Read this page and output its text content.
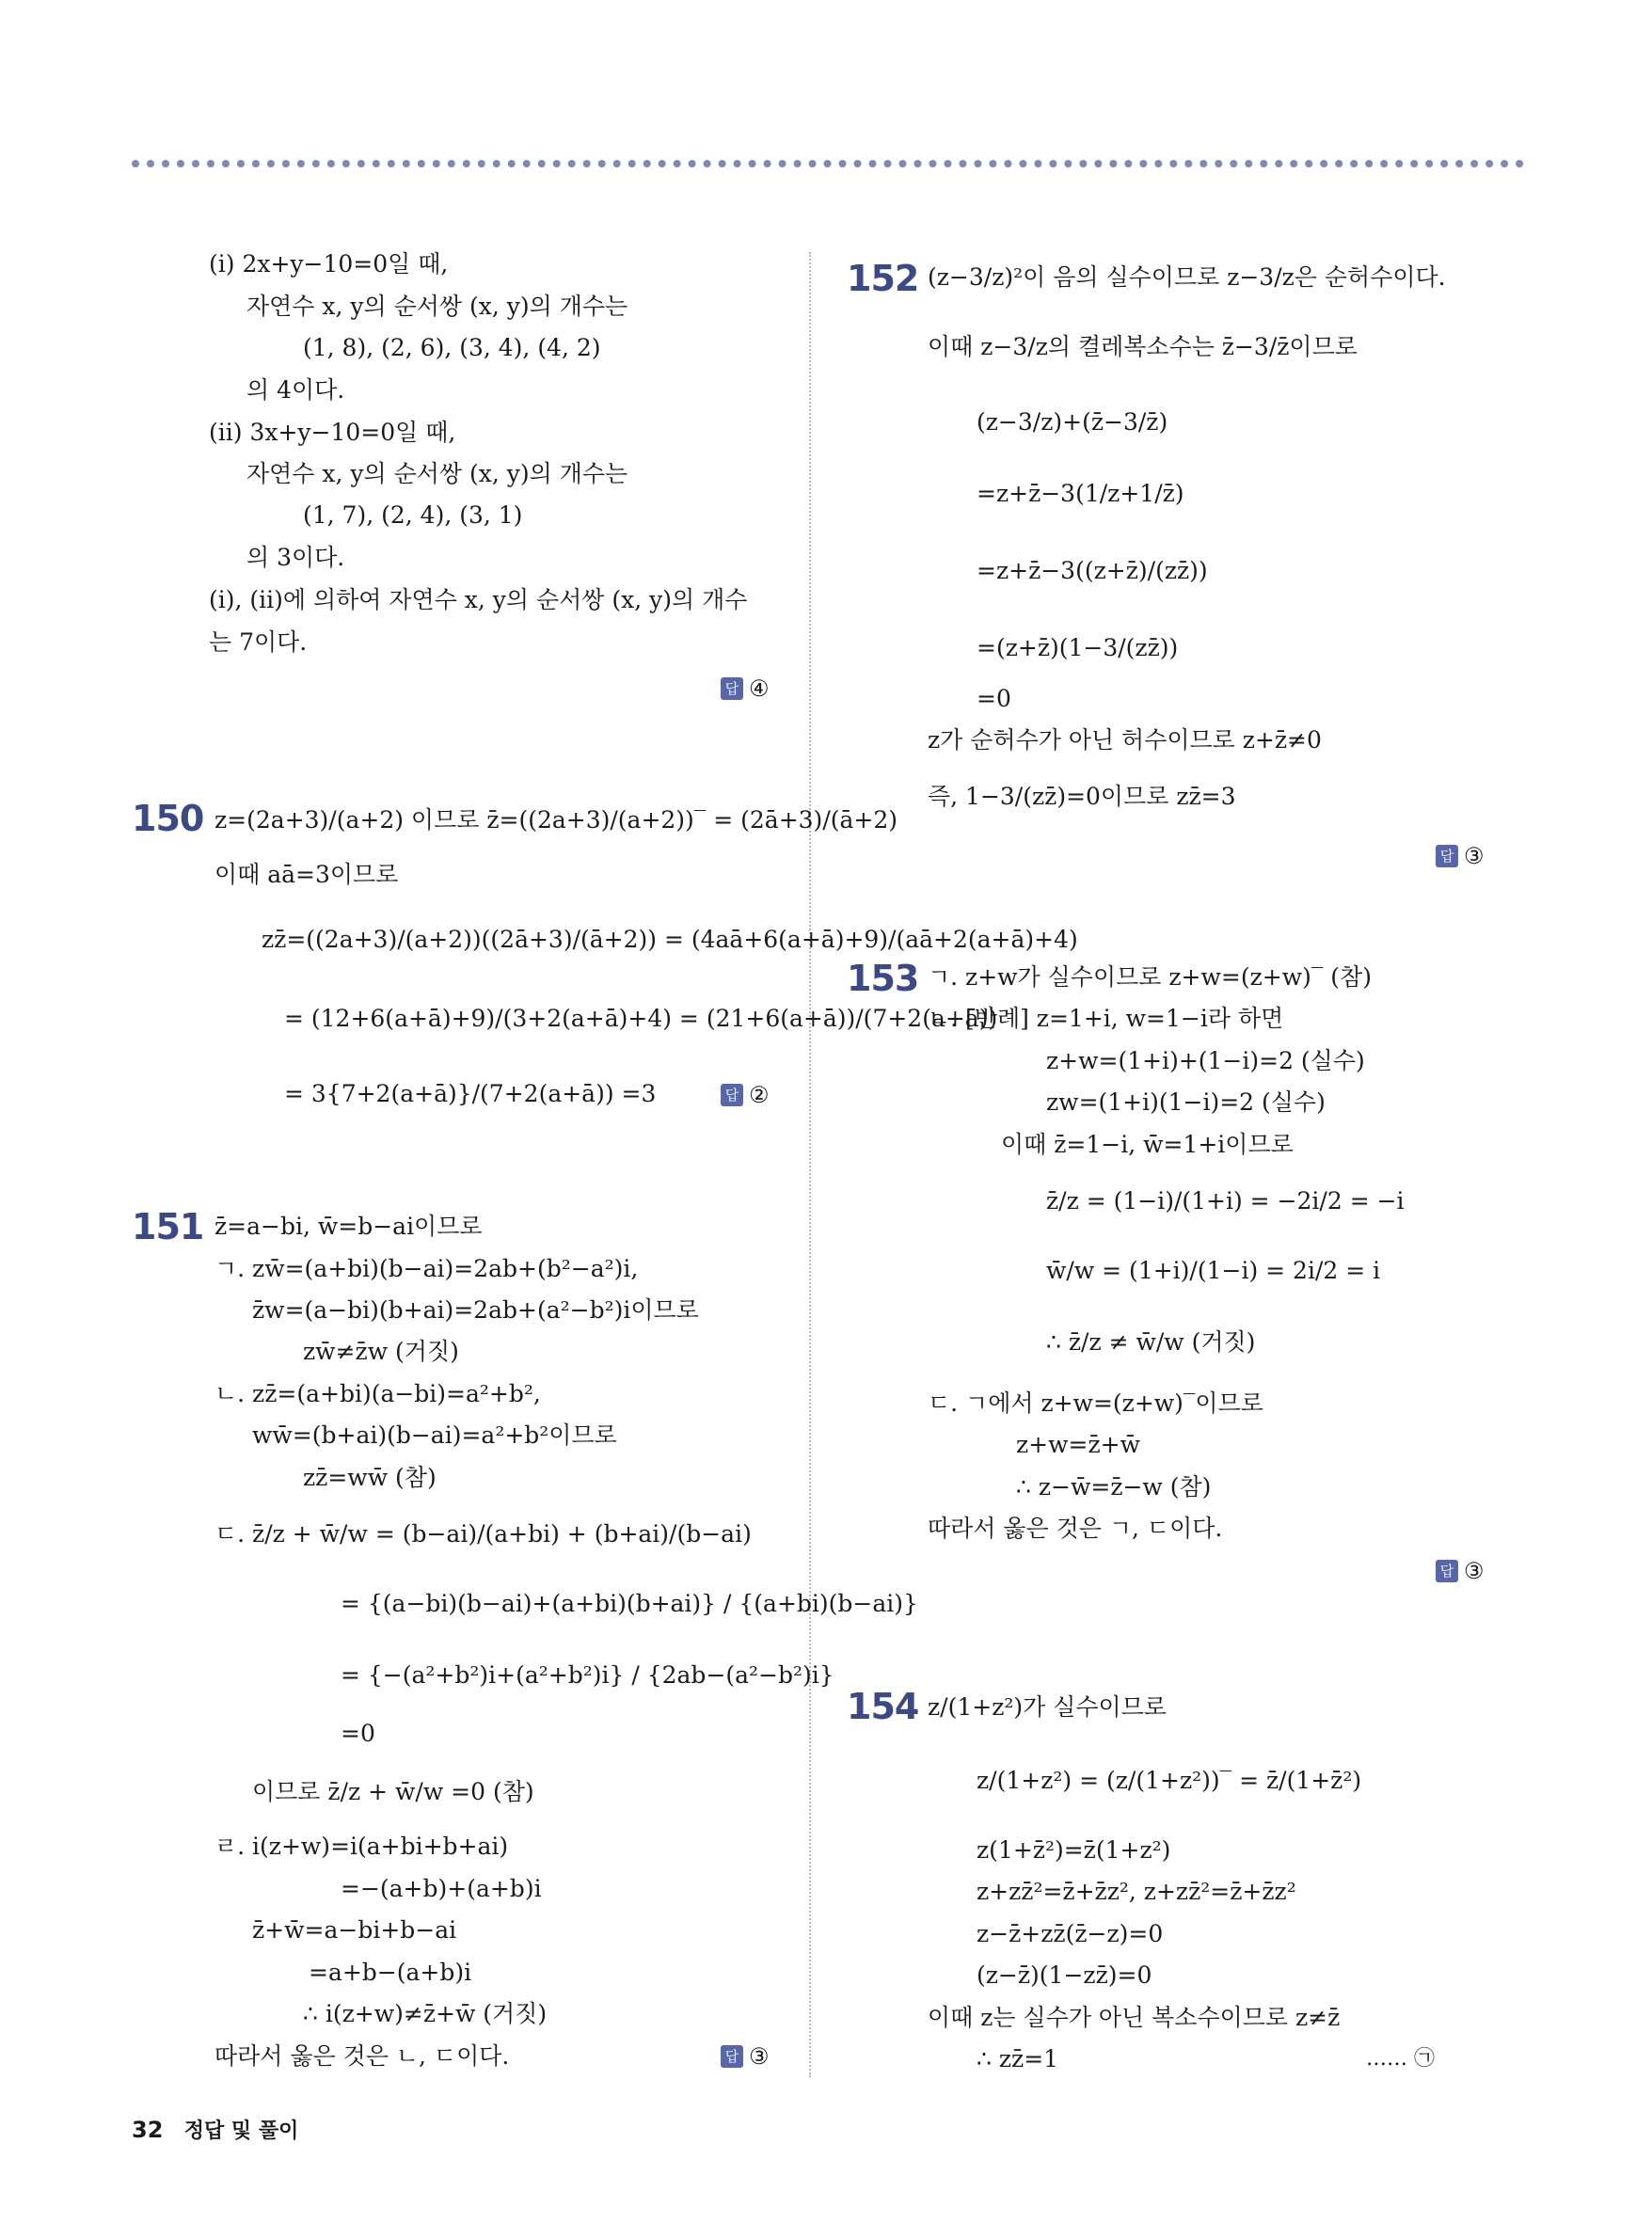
(ⅰ) 2x+y−10=0일 때,
자연수 x, y의 순서쌍 (x, y)의 개수는
(1, 8), (2, 6), (3, 4), (4, 2)
의 4이다.
(ⅱ) 3x+y−10=0일 때,
자연수 x, y의 순서쌍 (x, y)의 개수는
(1, 7), (2, 4), (3, 1)
의 3이다.
(ⅰ), (ⅱ)에 의하여 자연수 x, y의 순서쌍 (x, y)의 개수
는 7이다.
답 ④
150 z=(2a+3)/(a+2) 이므로 z̄=((2a+3)/(a+2))‾ = (2ā+3)/(ā+2)
이때 aā=3이므로
zz̄=((2a+3)/(a+2))((2ā+3)/(ā+2)) = (4aā+6(a+ā)+9)/(aā+2(a+ā)+4)
= (12+6(a+ā)+9)/(3+2(a+ā)+4) = (21+6(a+ā))/(7+2(a+ā))
= 3{7+2(a+ā)}/(7+2(a+ā)) =3	답 ②
151 z̄=a−bi, w̄=b−ai이므로
ㄱ. zw̄=(a+bi)(b−ai)=2ab+(b²−a²)i,
z̄w=(a−bi)(b+ai)=2ab+(a²−b²)i이므로
zw̄≠z̄w (거짓)
ㄴ. zz̄=(a+bi)(a−bi)=a²+b²,
ww̄=(b+ai)(b−ai)=a²+b²이므로
zz̄=ww̄ (참)
ㄷ. z̄/z + w̄/w = (b−ai)/(a+bi) + (b+ai)/(b−ai)
= {(a−bi)(b−ai)+(a+bi)(b+ai)} / {(a+bi)(b−ai)}
= {−(a²+b²)i+(a²+b²)i} / {2ab−(a²−b²)i}
=0
이므로 z̄/z + w̄/w =0 (참)
ㄹ. i(z+w)=i(a+bi+b+ai)
=−(a+b)+(a+b)i
z̄+w̄=a−bi+b−ai
=a+b−(a+b)i
∴ i(z+w)≠z̄+w̄ (거짓)
따라서 옳은 것은 ㄴ, ㄷ이다.	답 ③
152 (z−3/z)²이 음의 실수이므로 z−3/z은 순허수이다.
이때 z−3/z의 켤레복소수는 z̄−3/z̄이므로
(z−3/z)+(z̄−3/z̄)
=z+z̄−3(1/z+1/z̄)
=z+z̄−3((z+z̄)/(zz̄))
=(z+z̄)(1−3/(zz̄))
=0
z가 순허수가 아닌 허수이므로 z+z̄≠0
즉, 1−3/(zz̄)=0이므로 zz̄=3
답 ③
153 ㄱ. z+w가 실수이므로 z+w=(z+w)‾ (참)
ㄴ. [반례] z=1+i, w=1−i라 하면
z+w=(1+i)+(1−i)=2 (실수)
zw=(1+i)(1−i)=2 (실수)
이때 z̄=1−i, w̄=1+i이므로
z̄/z = (1−i)/(1+i) = −2i/2 = −i
w̄/w = (1+i)/(1−i) = 2i/2 = i
∴ z̄/z ≠ w̄/w (거짓)
ㄷ. ㄱ에서 z+w=(z+w)‾이므로
z+w=z̄+w̄
∴ z−w̄=z̄−w (참)
따라서 옳은 것은 ㄱ, ㄷ이다.
답 ③
154 z/(1+z²)가 실수이므로
z/(1+z²) = (z/(1+z²))‾ = z̄/(1+z̄²)
z(1+z̄²)=z̄(1+z²)
z+zz̄²=z̄+z̄z², z+zz̄²=z̄+z̄z²
z−z̄+zz̄(z̄−z)=0
(z−z̄)(1−zz̄)=0
이때 z는 실수가 아닌 복소수이므로 z≠z̄
∴ zz̄=1	…… ㉠
32 정답 및 풀이
